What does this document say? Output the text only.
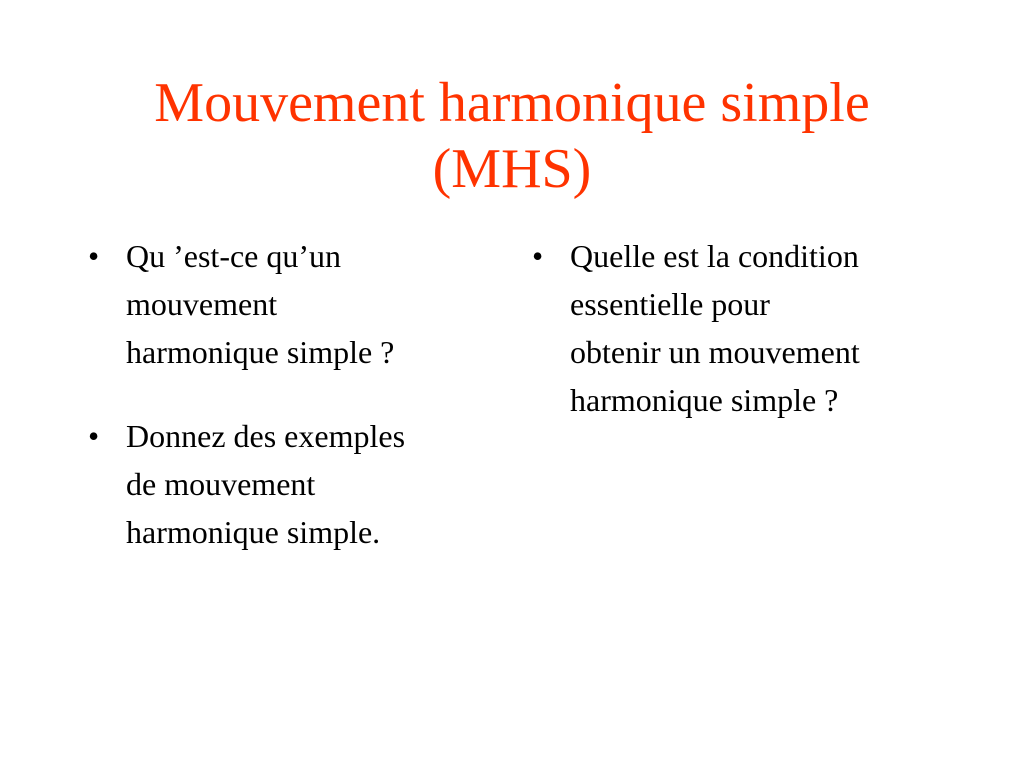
Mouvement harmonique simple
(MHS)
• Qu ’est-ce qu’un
mouvement
harmonique simple ?
• Donnez des exemples
de mouvement
harmonique simple.
• Quelle est la condition
essentielle pour
obtenir un mouvement
harmonique simple ?
